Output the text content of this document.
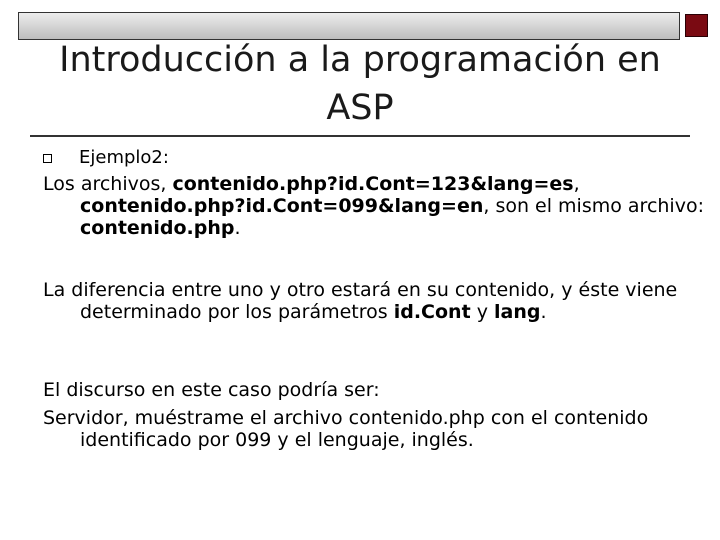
Introducción a la programación en ASP
Ejemplo2:

Los archivos, contenido.php?id.Cont=123&lang=es, contenido.php?id.Cont=099&lang=en, son el mismo archivo: contenido.php.

La diferencia entre uno y otro estará en su contenido, y éste viene determinado por los parámetros id.Cont y lang.

El discurso en este caso podría ser:

Servidor, muéstrame el archivo contenido.php con el contenido identificado por 099 y el lenguaje, inglés.
